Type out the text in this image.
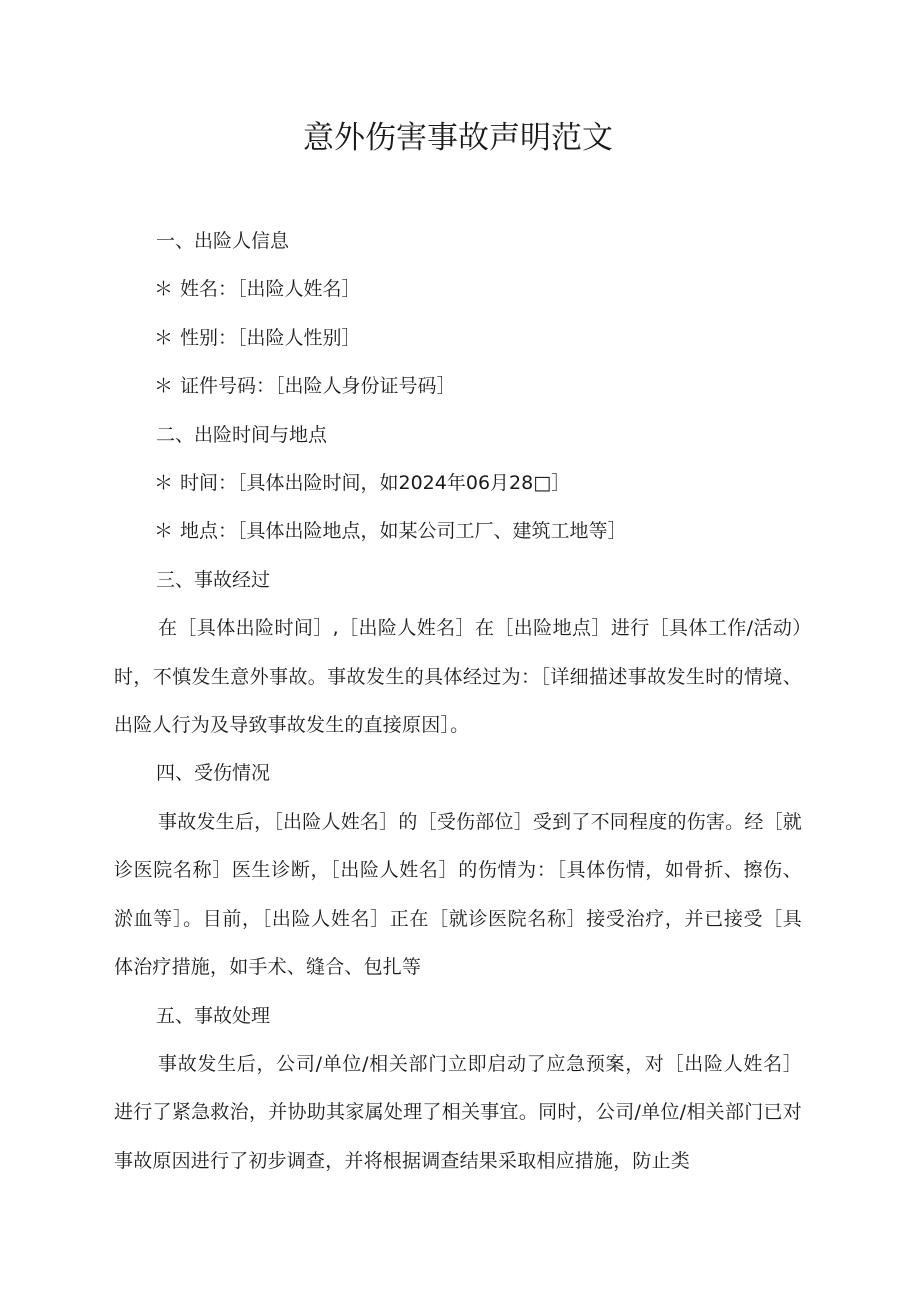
意外伤害事故声明范文

一、出险人信息

＊ 姓名：［出险人姓名］

＊ 性别：［出险人性别］

＊ 证件号码：［出险人身份证号码］

二、出险时间与地点

＊ 时间：［具体出险时间，如2024年06月28□］

＊ 地点：［具体出险地点，如某公司工厂、建筑工地等］

三、事故经过

在［具体出险时间］,［出险人姓名］在［出险地点］进行［具体工作/活动）时，不慎发生意外事故。事故发生的具体经过为：［详细描述事故发生时的情境、出险人行为及导致事故发生的直接原因］。

四、受伤情况

事故发生后，［出险人姓名］的［受伤部位］受到了不同程度的伤害。经［就诊医院名称］医生诊断，［出险人姓名］的伤情为：［具体伤情，如骨折、擦伤、淤血等］。目前，［出险人姓名］正在［就诊医院名称］接受治疗，并已接受［具体治疗措施，如手术、缝合、包扎等

五、事故处理

事故发生后，公司/单位/相关部门立即启动了应急预案，对［出险人姓名］进行了紧急救治，并协助其家属处理了相关事宜。同时，公司/单位/相关部门已对事故原因进行了初步调查，并将根据调查结果采取相应措施，防止类
